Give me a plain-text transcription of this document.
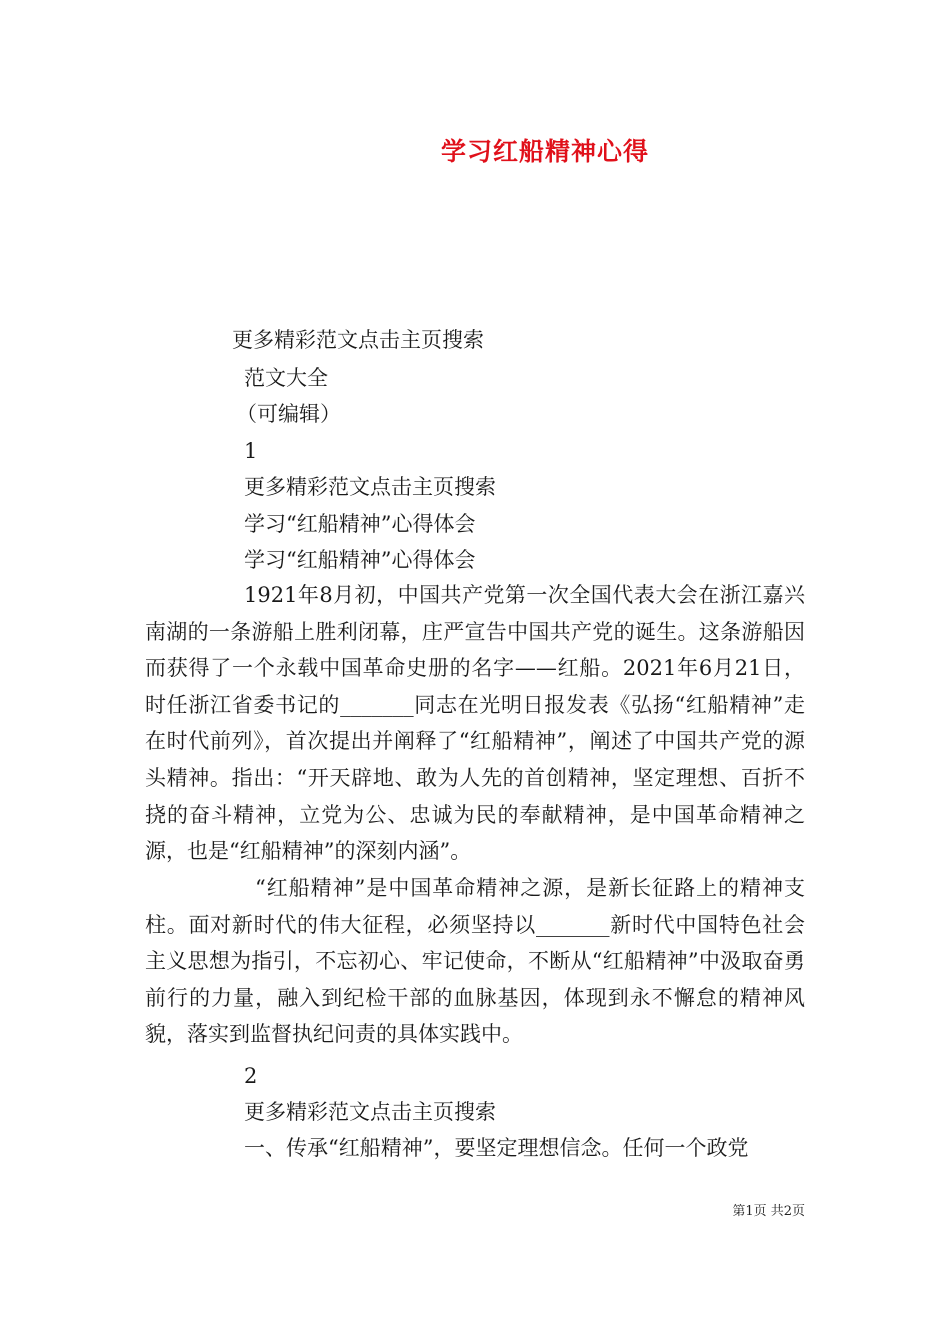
学习红船精神心得
更多精彩范文点击主页搜索
范文大全
（可编辑）
1
更多精彩范文点击主页搜索
学习“红船精神”心得体会
学习“红船精神”心得体会

1921年8月初，中国共产党第一次全国代表大会在浙江嘉兴南湖的一条游船上胜利闭幕，庄严宣告中国共产党的诞生。这条游船因而获得了一个永载中国革命史册的名字——红船。2021年6月21日，时任浙江省委书记的_______同志在光明日报发表《弘扬“红船精神”走在时代前列》，首次提出并阐释了“红船精神”，阐述了中国共产党的源头精神。指出：“开天辟地、敢为人先的首创精神，坚定理想、百折不挠的奋斗精神，立党为公、忠诚为民的奉献精神，是中国革命精神之源，也是“红船精神”的深刻内涵”。

“红船精神”是中国革命精神之源，是新长征路上的精神支柱。面对新时代的伟大征程，必须坚持以_______新时代中国特色社会主义思想为指引，不忘初心、牢记使命，不断从“红船精神”中汲取奋勇前行的力量，融入到纪检干部的血脉基因，体现到永不懈怠的精神风貌，落实到监督执纪问责的具体实践中。

2
更多精彩范文点击主页搜索
一、传承“红船精神”，要坚定理想信念。任何一个政党
第1页 共2页
